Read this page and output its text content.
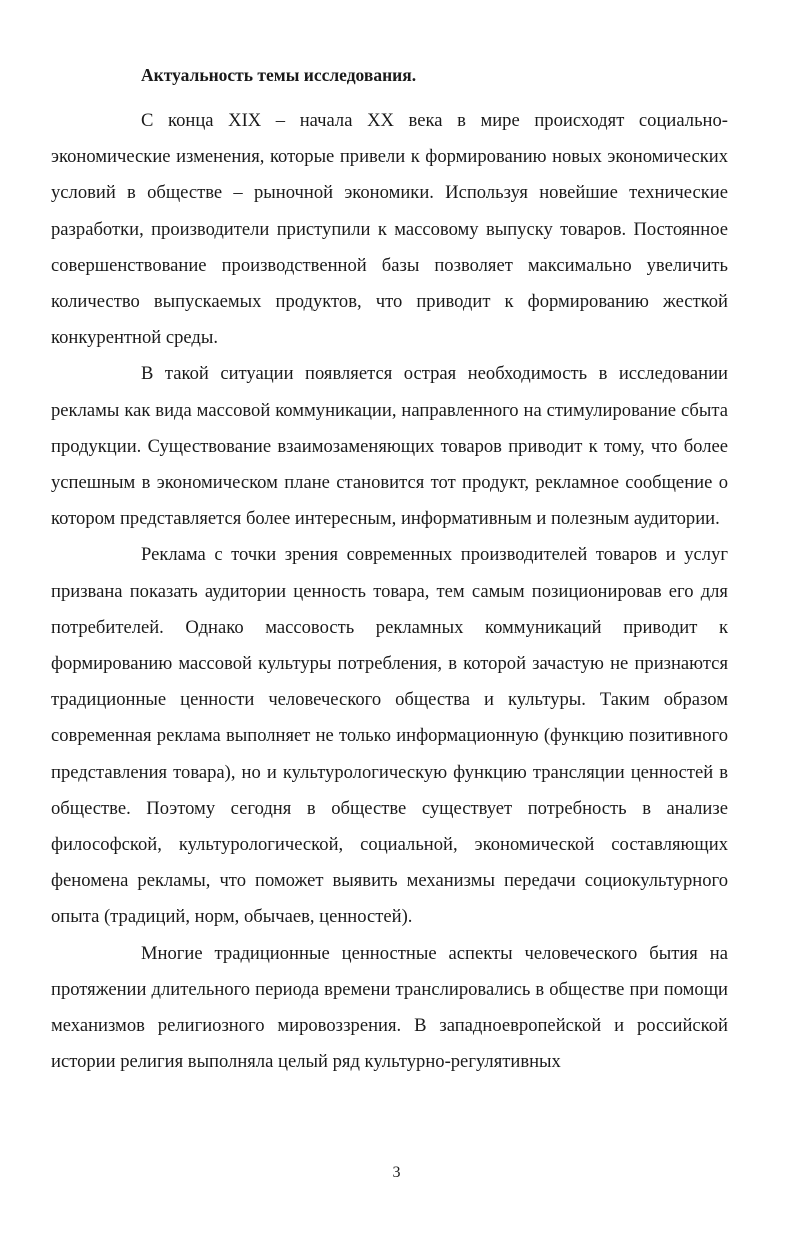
Актуальность темы исследования.

С конца XIX – начала XX века в мире происходят социально-экономические изменения, которые привели к формированию новых экономических условий в обществе – рыночной экономики. Используя новейшие технические разработки, производители приступили к массовому выпуску товаров. Постоянное совершенствование производственной базы позволяет максимально увеличить количество выпускаемых продуктов, что приводит к формированию жесткой конкурентной среды.

В такой ситуации появляется острая необходимость в исследовании рекламы как вида массовой коммуникации, направленного на стимулирование сбыта продукции. Существование взаимозаменяющих товаров приводит к тому, что более успешным в экономическом плане становится тот продукт, рекламное сообщение о котором представляется более интересным, информативным и полезным аудитории.

Реклама с точки зрения современных производителей товаров и услуг призвана показать аудитории ценность товара, тем самым позиционировав его для потребителей. Однако массовость рекламных коммуникаций приводит к формированию массовой культуры потребления, в которой зачастую не признаются традиционные ценности человеческого общества и культуры. Таким образом современная реклама выполняет не только информационную (функцию позитивного представления товара), но и культурологическую функцию трансляции ценностей в обществе. Поэтому сегодня в обществе существует потребность в анализе философской, культурологической, социальной, экономической составляющих феномена рекламы, что поможет выявить механизмы передачи социокультурного опыта (традиций, норм, обычаев, ценностей).

Многие традиционные ценностные аспекты человеческого бытия на протяжении длительного периода времени транслировались в обществе при помощи механизмов религиозного мировоззрения. В западноевропейской и российской истории религия выполняла целый ряд культурно-регулятивных

3
